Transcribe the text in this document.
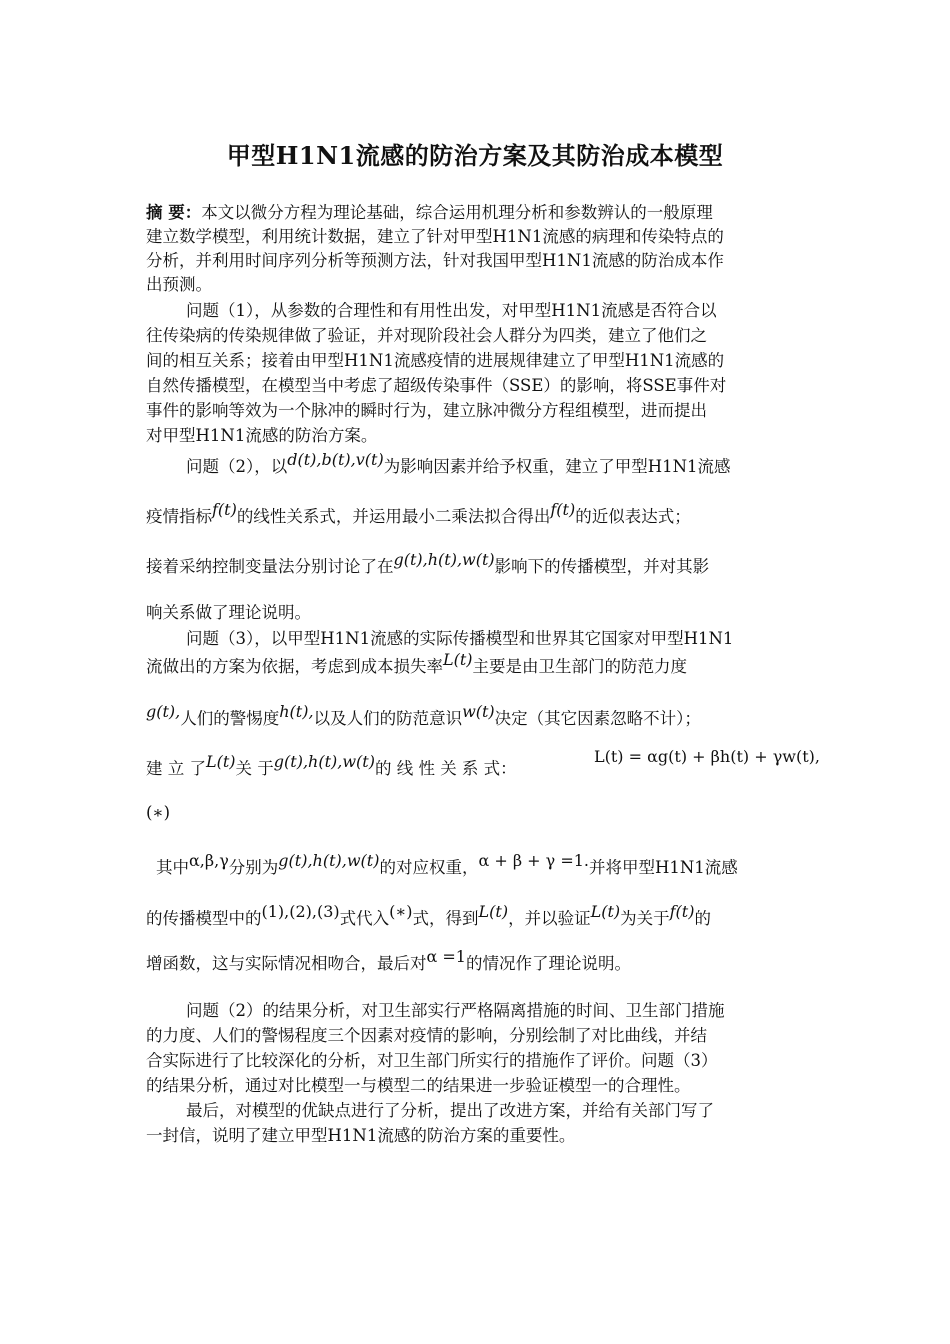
甲型H1N1流感的防治方案及其防治成本模型
摘 要：本文以微分方程为理论基础，综合运用机理分析和参数辨认的一般原理
建立数学模型，利用统计数据，建立了针对甲型H1N1流感的病理和传染特点的
分析，并利用时间序列分析等预测方法，针对我国甲型H1N1流感的防治成本作
出预测。
问题（1），从参数的合理性和有用性出发，对甲型H1N1流感是否符合以
往传染病的传染规律做了验证，并对现阶段社会人群分为四类，建立了他们之
间的相互关系；接着由甲型H1N1流感疫情的进展规律建立了甲型H1N1流感的
自然传播模型，在模型当中考虑了超级传染事件（SSE）的影响，将SSE事件对
事件的影响等效为一个脉冲的瞬时行为，建立脉冲微分方程组模型，进而提出
对甲型H1N1流感的防治方案。
问题（2），以d(t),b(t),v(t)为影响因素并给予权重，建立了甲型H1N1流感
疫情指标f(t)的线性关系式，并运用最小二乘法拟合得出f(t)的近似表达式；
接着采纳控制变量法分别讨论了在g(t),h(t),w(t)影响下的传播模型，并对其影
响关系做了理论说明。
问题（3），以甲型H1N1流感的实际传播模型和世界其它国家对甲型H1N1
流做出的方案为依据，考虑到成本损失率L(t)主要是由卫生部门的防范力度
g(t),人们的警惕度h(t),以及人们的防范意识w(t)决定（其它因素忽略不计）；
建 立 了L(t)关 于g(t),h(t),w(t)的 线 性 关 系 式：
L(t) = αg(t) + βh(t) + γw(t),
(∗)
其中α,β,γ分别为g(t),h(t),w(t)的对应权重，α + β + γ =1.并将甲型H1N1流感
的传播模型中的(1),(2),(3)式代入(∗)式，得到L(t)，并以验证L(t)为关于f(t)的
增函数，这与实际情况相吻合，最后对α =1的情况作了理论说明。
问题（2）的结果分析，对卫生部实行严格隔离措施的时间、卫生部门措施
的力度、人们的警惕程度三个因素对疫情的影响，分别绘制了对比曲线，并结
合实际进行了比较深化的分析，对卫生部门所实行的措施作了评价。问题（3）
的结果分析，通过对比模型一与模型二的结果进一步验证模型一的合理性。
最后，对模型的优缺点进行了分析，提出了改进方案，并给有关部门写了
一封信，说明了建立甲型H1N1流感的防治方案的重要性。
